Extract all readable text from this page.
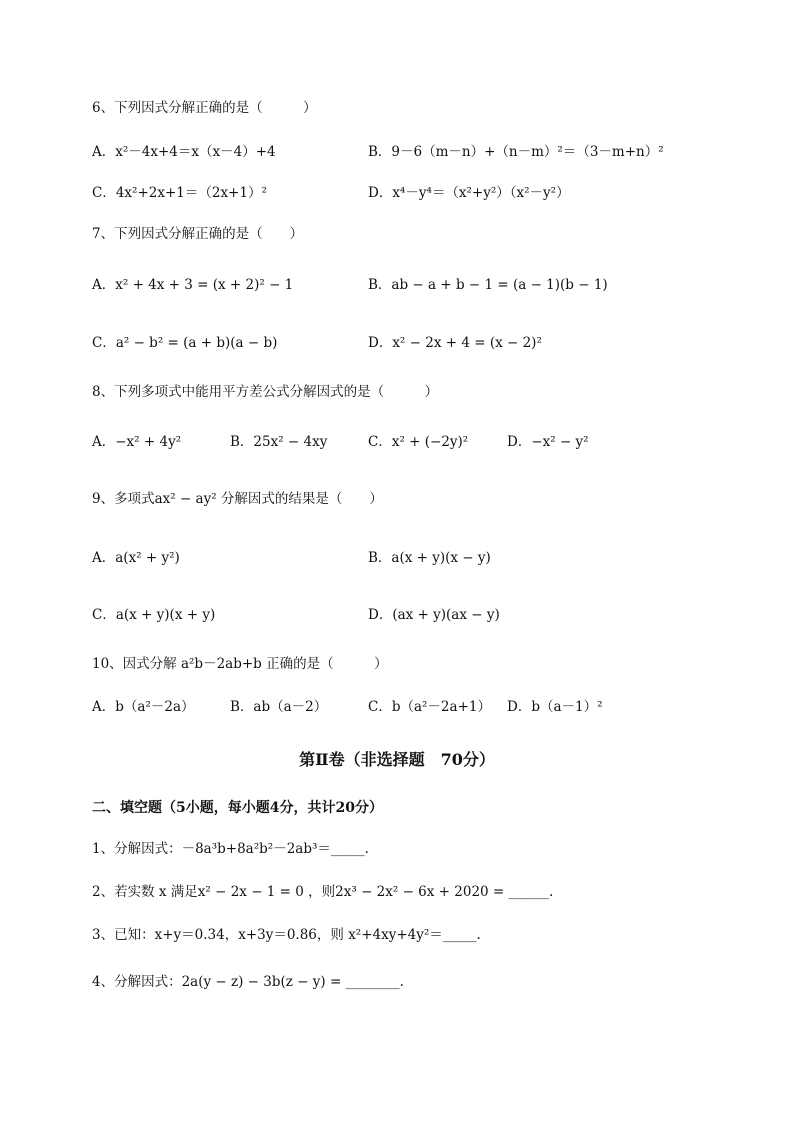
6、下列因式分解正确的是（　　　）
A．x²－4x+4＝x（x－4）+4	B．9－6（m－n）+（n－m）²＝（3－m+n）²
C．4x²+2x+1＝（2x+1）²	D．x⁴－y⁴＝（x²+y²）（x²－y²）
7、下列因式分解正确的是（　　）
A．x² + 4x + 3 = (x + 2)² − 1	B．ab − a + b − 1 = (a − 1)(b − 1)
C．a² − b² = (a + b)(a − b)	D．x² − 2x + 4 = (x − 2)²
8、下列多项式中能用平方差公式分解因式的是（　　　）
A．−x² + 4y²	B．25x² − 4xy	C．x² + (−2y)²	D．−x² − y²
9、多项式ax² − ay² 分解因式的结果是（　　）
A．a(x² + y²)	B．a(x + y)(x − y)
C．a(x + y)(x + y)	D．(ax + y)(ax − y)
10、因式分解 a²b－2ab+b 正确的是（　　　）
A．b（a²－2a）	B．ab（a－2）	C．b（a²－2a+1） D．b（a－1）²
第Ⅱ卷（非选择题　70分）
二、填空题（5小题，每小题4分，共计20分）
1、分解因式：－8a³b+8a²b²－2ab³＝_____.
2、若实数 x 满足x² − 2x − 1 = 0 ，则2x³ − 2x² − 6x + 2020 = ______.
3、已知：x+y＝0.34，x+3y＝0.86，则 x²+4xy+4y²＝_____.
4、分解因式：2a(y − z) − 3b(z − y) = ________.
